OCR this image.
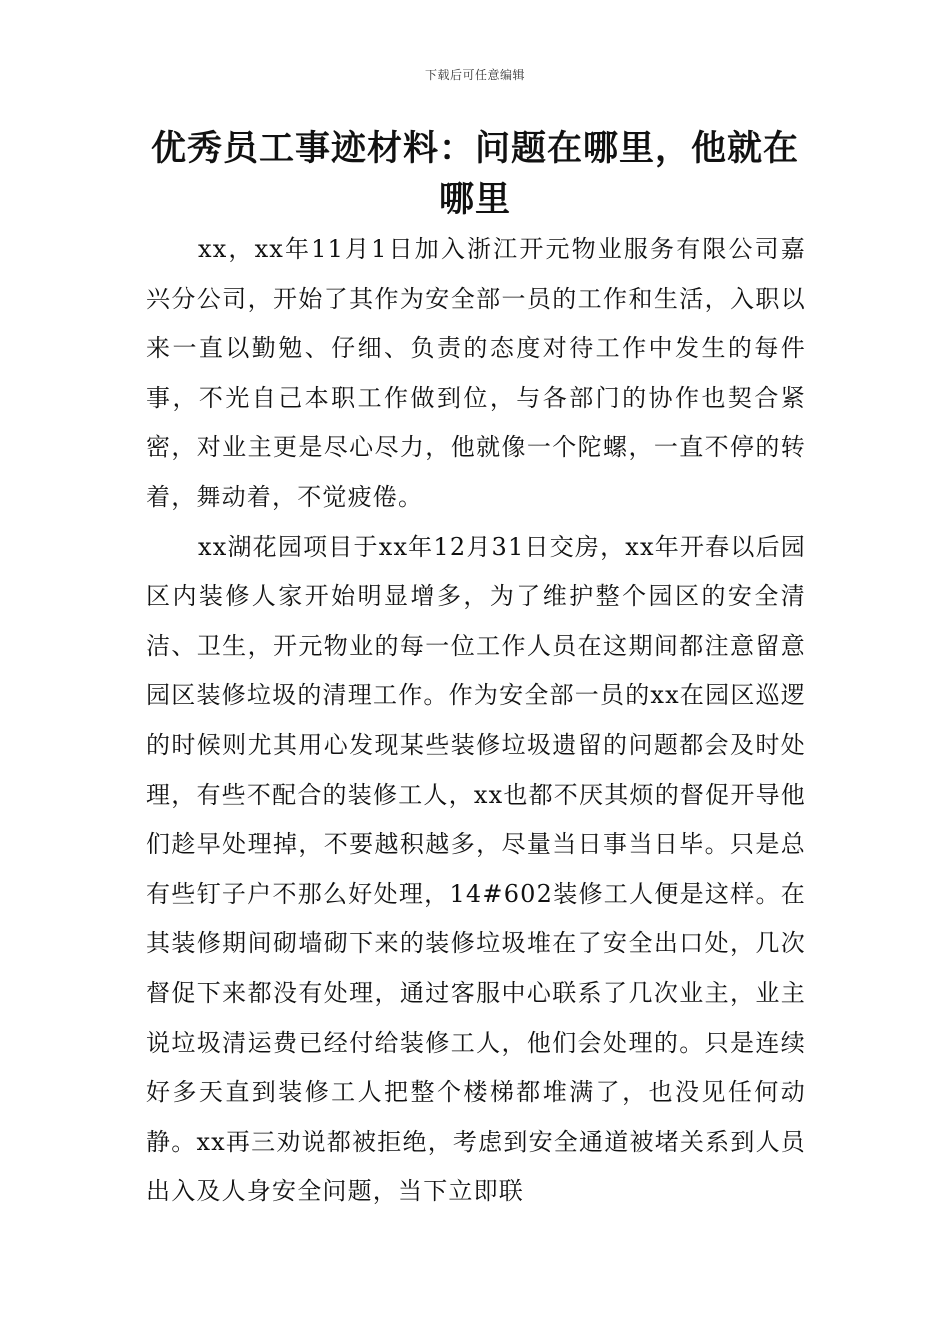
下载后可任意编辑
优秀员工事迹材料：问题在哪里，他就在哪里

xx，xx年11月1日加入浙江开元物业服务有限公司嘉兴分公司，开始了其作为安全部一员的工作和生活，入职以来一直以勤勉、仔细、负责的态度对待工作中发生的每件事，不光自己本职工作做到位，与各部门的协作也契合紧密，对业主更是尽心尽力，他就像一个陀螺，一直不停的转着，舞动着，不觉疲倦。

xx湖花园项目于xx年12月31日交房，xx年开春以后园区内装修人家开始明显增多，为了维护整个园区的安全清洁、卫生，开元物业的每一位工作人员在这期间都注意留意园区装修垃圾的清理工作。作为安全部一员的xx在园区巡逻的时候则尤其用心发现某些装修垃圾遗留的问题都会及时处理，有些不配合的装修工人，xx也都不厌其烦的督促开导他们趁早处理掉，不要越积越多，尽量当日事当日毕。只是总有些钉子户不那么好处理，14#602装修工人便是这样。在其装修期间砌墙砌下来的装修垃圾堆在了安全出口处，几次督促下来都没有处理，通过客服中心联系了几次业主，业主说垃圾清运费已经付给装修工人，他们会处理的。只是连续好多天直到装修工人把整个楼梯都堆满了，也没见任何动静。xx再三劝说都被拒绝，考虑到安全通道被堵关系到人员出入及人身安全问题，当下立即联
